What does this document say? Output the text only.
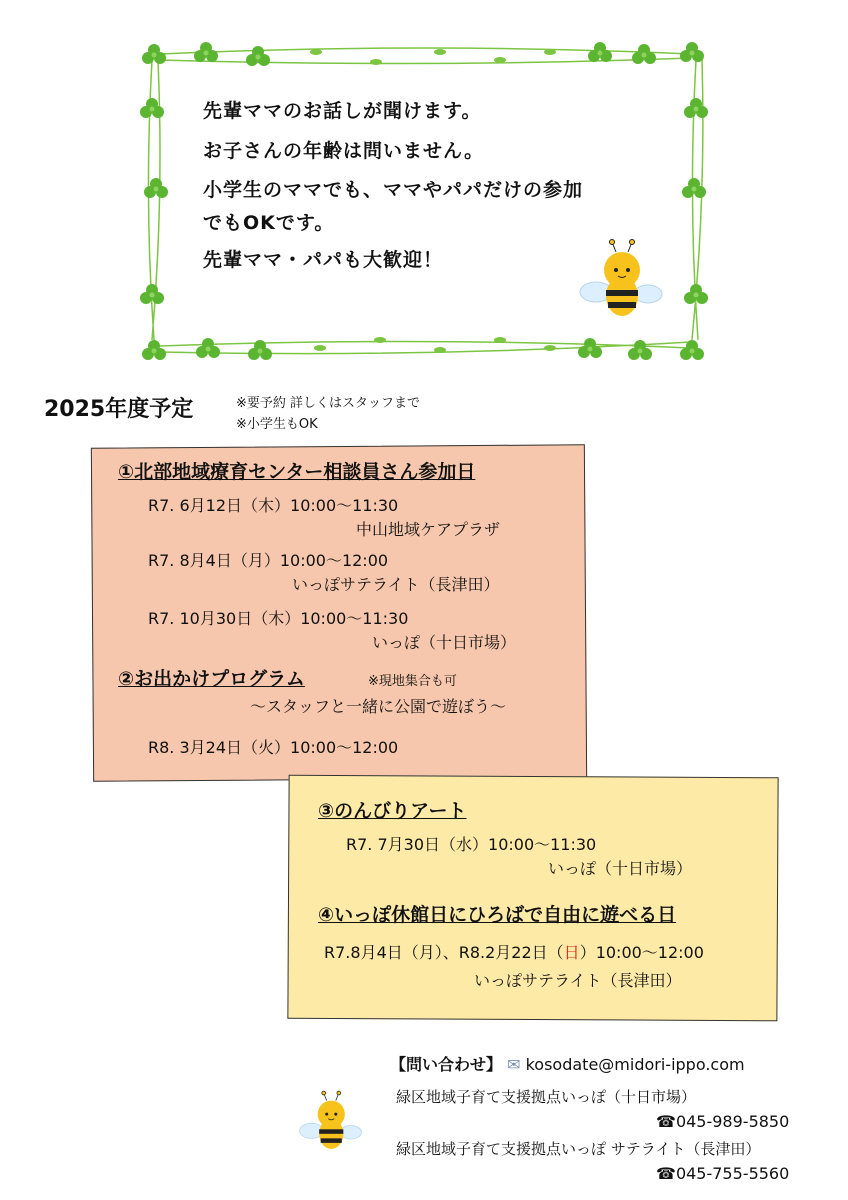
先輩ママのお話しが聞けます。
お子さんの年齢は問いません。
小学生のママでも、ママやパパだけの参加
でもOKです。
先輩ママ・パパも大歓迎！
2025年度予定	※要予約 詳しくはスタッフまで
※小学生もOK
①北部地域療育センター相談員さん参加日
R7. 6月12日（木）10:00〜11:30
中山地域ケアプラザ
R7. 8月4日（月）10:00〜12:00
いっぽサテライト（長津田）
R7. 10月30日（木）10:00〜11:30
いっぽ（十日市場）
②お出かけプログラム	※現地集合も可
〜スタッフと一緒に公園で遊ぼう〜
R8. 3月24日（火）10:00〜12:00
③のんびりアート
R7. 7月30日（水）10:00〜11:30
いっぽ（十日市場）
④いっぽ休館日にひろばで自由に遊べる日
R7.8月4日（月）、R8.2月22日（日）10:00〜12:00
いっぽサテライト（長津田）
【問い合わせ】 ✉ kosodate@midori-ippo.com
緑区地域子育て支援拠点いっぽ（十日市場）
☎045-989-5850
緑区地域子育て支援拠点いっぽ サテライト（長津田）
☎045-755-5560
